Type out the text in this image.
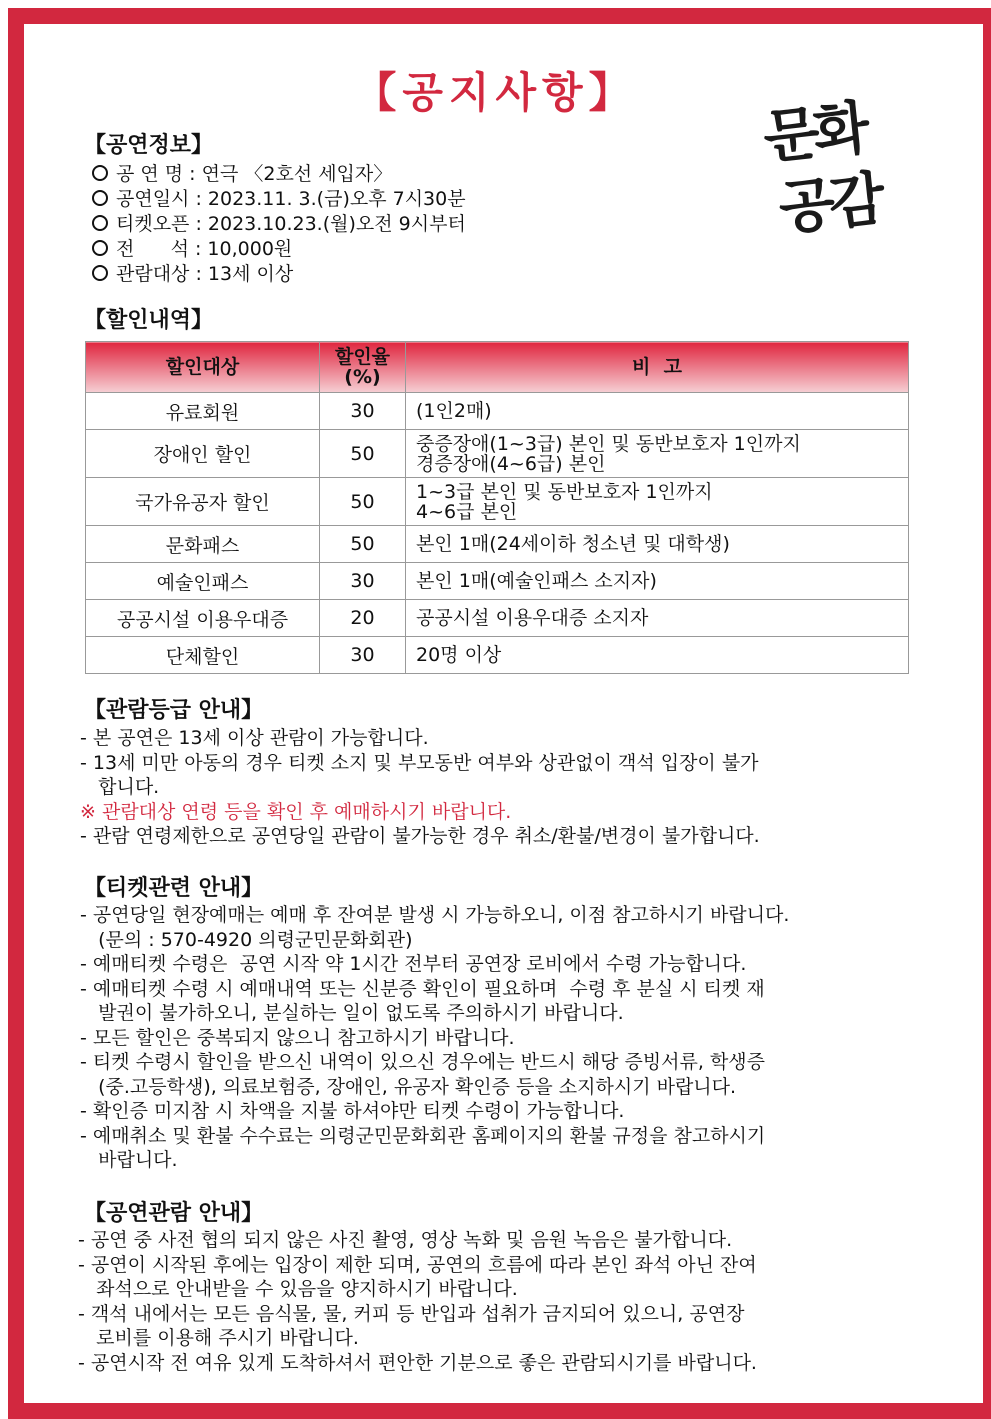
【공지사항】
문화
공감
【공연정보】
공 연 명 : 연극 〈2호선 세입자〉
공연일시 : 2023.11. 3.(금)오후 7시30분
티켓오픈 : 2023.10.23.(월)오전 9시부터
전      석 : 10,000원
관람대상 : 13세 이상
【할인내역】
할인대상	할인율 (%)	비  고
유료회원	30	(1인2매)

장애인 할인	50	중증장애(1~3급) 본인 및 동반보호자 1인까지
경증장애(4~6급) 본인

국가유공자 할인	50	1~3급 본인 및 동반보호자 1인까지
4~6급 본인

문화패스	50	본인 1매(24세이하 청소년 및 대학생)

예술인패스	30	본인 1매(예술인패스 소지자)

공공시설 이용우대증	20	공공시설 이용우대증 소지자

단체할인	30	20명 이상
【관람등급 안내】

- 본 공연은 13세 이상 관람이 가능합니다.

- 13세 미만 아동의 경우 티켓 소지 및 부모동반 여부와 상관없이 객석 입장이 불가

합니다.

※ 관람대상 연령 등을 확인 후 예매하시기 바랍니다.

- 관람 연령제한으로 공연당일 관람이 불가능한 경우 취소/환불/변경이 불가합니다.

【티켓관련 안내】

- 공연당일 현장예매는 예매 후 잔여분 발생 시 가능하오니, 이점 참고하시기 바랍니다.

(문의 : 570-4920 의령군민문화회관)

- 예매티켓 수령은  공연 시작 약 1시간 전부터 공연장 로비에서 수령 가능합니다.

- 예매티켓 수령 시 예매내역 또는 신분증 확인이 필요하며  수령 후 분실 시 티켓 재

발권이 불가하오니, 분실하는 일이 없도록 주의하시기 바랍니다.

- 모든 할인은 중복되지 않으니 참고하시기 바랍니다.

- 티켓 수령시 할인을 받으신 내역이 있으신 경우에는 반드시 해당 증빙서류, 학생증

(중.고등학생), 의료보험증, 장애인, 유공자 확인증 등을 소지하시기 바랍니다.

- 확인증 미지참 시 차액을 지불 하셔야만 티켓 수령이 가능합니다.

- 예매취소 및 환불 수수료는 의령군민문화회관 홈페이지의 환불 규정을 참고하시기

바랍니다.

【공연관람 안내】

- 공연 중 사전 협의 되지 않은 사진 촬영, 영상 녹화 및 음원 녹음은 불가합니다.

- 공연이 시작된 후에는 입장이 제한 되며, 공연의 흐름에 따라 본인 좌석 아닌 잔여

좌석으로 안내받을 수 있음을 양지하시기 바랍니다.

- 객석 내에서는 모든 음식물, 물, 커피 등 반입과 섭취가 금지되어 있으니, 공연장

로비를 이용해 주시기 바랍니다.

- 공연시작 전 여유 있게 도착하셔서 편안한 기분으로 좋은 관람되시기를 바랍니다.
